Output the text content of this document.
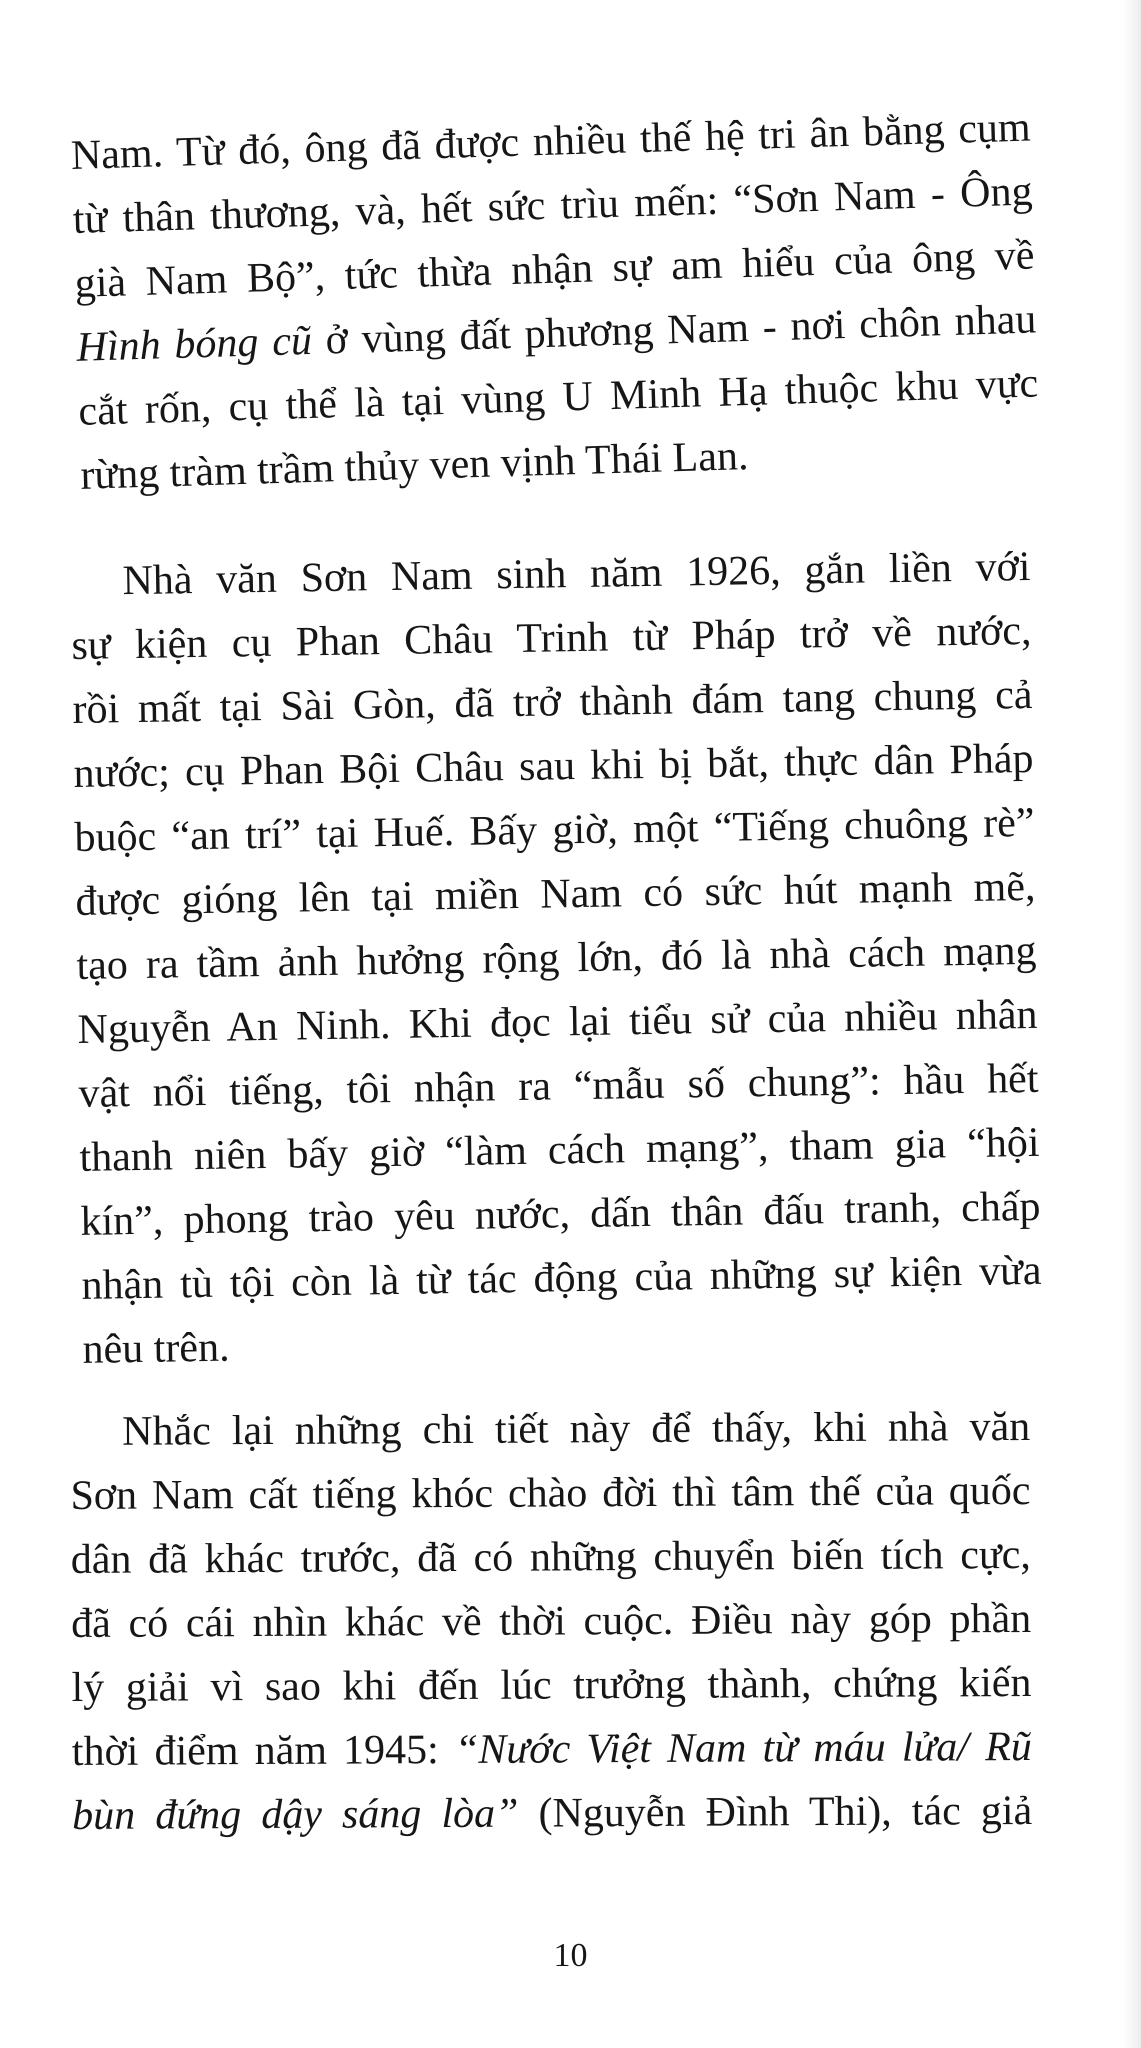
Nam. Từ đó, ông đã được nhiều thế hệ tri ân bằng cụm
từ thân thương, và, hết sức trìu mến: “Sơn Nam - Ông
già Nam Bộ”, tức thừa nhận sự am hiểu của ông về
Hình bóng cũ ở vùng đất phương Nam - nơi chôn nhau
cắt rốn, cụ thể là tại vùng U Minh Hạ thuộc khu vực
rừng tràm trầm thủy ven vịnh Thái Lan.
Nhà văn Sơn Nam sinh năm 1926, gắn liền với
sự kiện cụ Phan Châu Trinh từ Pháp trở về nước,
rồi mất tại Sài Gòn, đã trở thành đám tang chung cả
nước; cụ Phan Bội Châu sau khi bị bắt, thực dân Pháp
buộc “an trí” tại Huế. Bấy giờ, một “Tiếng chuông rè”
được gióng lên tại miền Nam có sức hút mạnh mẽ,
tạo ra tầm ảnh hưởng rộng lớn, đó là nhà cách mạng
Nguyễn An Ninh. Khi đọc lại tiểu sử của nhiều nhân
vật nổi tiếng, tôi nhận ra “mẫu số chung”: hầu hết
thanh niên bấy giờ “làm cách mạng”, tham gia “hội
kín”, phong trào yêu nước, dấn thân đấu tranh, chấp
nhận tù tội còn là từ tác động của những sự kiện vừa
nêu trên.
Nhắc lại những chi tiết này để thấy, khi nhà văn
Sơn Nam cất tiếng khóc chào đời thì tâm thế của quốc
dân đã khác trước, đã có những chuyển biến tích cực,
đã có cái nhìn khác về thời cuộc. Điều này góp phần
lý giải vì sao khi đến lúc trưởng thành, chứng kiến
thời điểm năm 1945: “Nước Việt Nam từ máu lửa/ Rũ
bùn đứng dậy sáng lòa” (Nguyễn Đình Thi), tác giả
10
